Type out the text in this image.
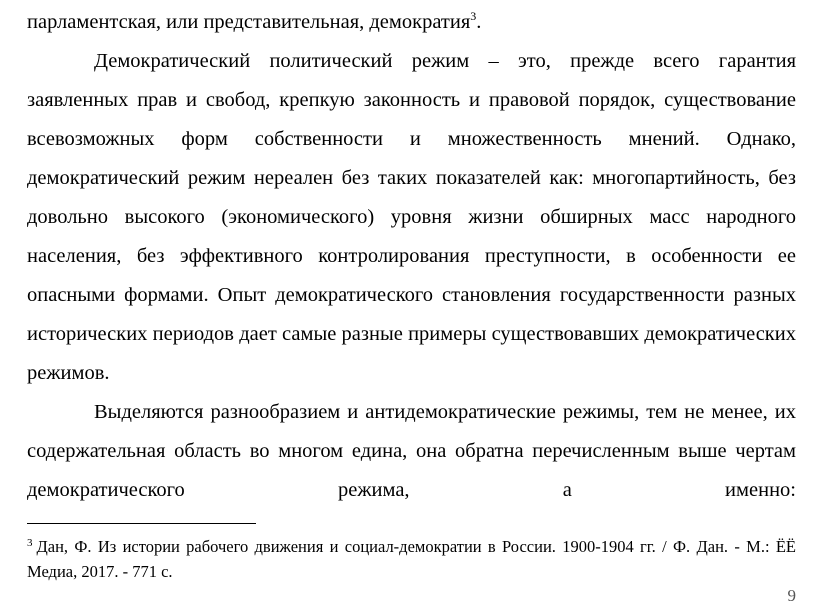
парламентская, или представительная, демократия$^3$.

Демократический политический режим – это, прежде всего гарантия заявленных прав и свобод, крепкую законность и правовой порядок, существование всевозможных форм собственности и множественность мнений. Однако, демократический режим нереален без таких показателей как: многопартийность, без довольно высокого (экономического) уровня жизни обширных масс народного населения, без эффективного контролирования преступности, в особенности ее опасными формами. Опыт демократического становления государственности разных исторических периодов дает самые разные примеры существовавших демократических режимов.

Выделяются разнообразием и антидемократические режимы, тем не менее, их содержательная область во многом едина, она обратна перечисленным выше чертам демократического режима, а именно:

$^3$ Дан, Ф. Из истории рабочего движения и социал-демократии в России. 1900-1904 гг. / Ф. Дан. - М.: ЁЁ Медиа, 2017. - 771 с.

9
